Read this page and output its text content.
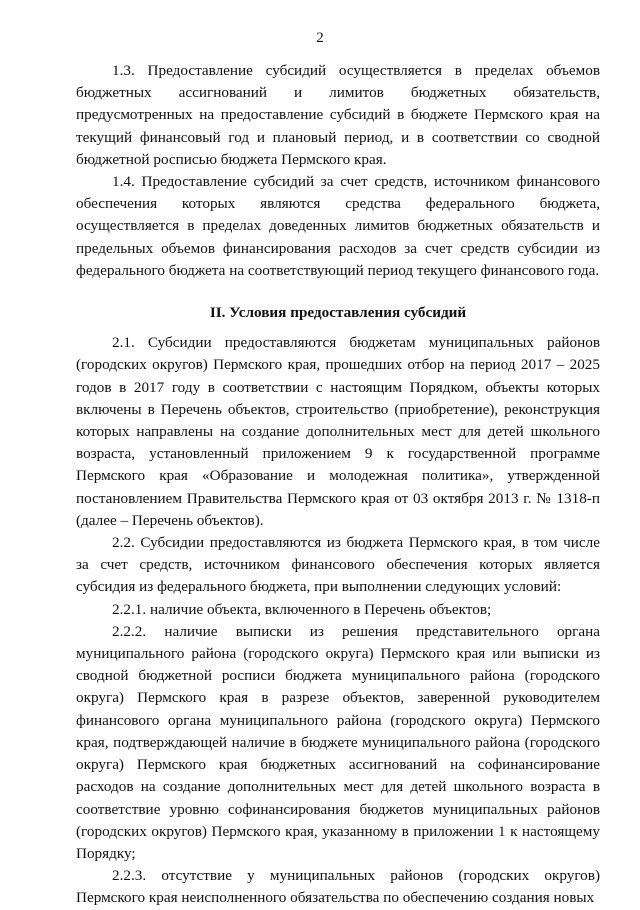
2

1.3. Предоставление субсидий осуществляется в пределах объемов бюджетных ассигнований и лимитов бюджетных обязательств, предусмотренных на предоставление субсидий в бюджете Пермского края на текущий финансовый год и плановый период, и в соответствии со сводной бюджетной росписью бюджета Пермского края.

1.4. Предоставление субсидий за счет средств, источником финансового обеспечения которых являются средства федерального бюджета, осуществляется в пределах доведенных лимитов бюджетных обязательств и предельных объемов финансирования расходов за счет средств субсидии из федерального бюджета на соответствующий период текущего финансового года.

II. Условия предоставления субсидий

2.1. Субсидии предоставляются бюджетам муниципальных районов (городских округов) Пермского края, прошедших отбор на период 2017 – 2025 годов в 2017 году в соответствии с настоящим Порядком, объекты которых включены в Перечень объектов, строительство (приобретение), реконструкция которых направлены на создание дополнительных мест для детей школьного возраста, установленный приложением 9 к государственной программе Пермского края «Образование и молодежная политика», утвержденной постановлением Правительства Пермского края от 03 октября 2013 г. № 1318-п (далее – Перечень объектов).

2.2. Субсидии предоставляются из бюджета Пермского края, в том числе за счет средств, источником финансового обеспечения которых является субсидия из федерального бюджета, при выполнении следующих условий:

2.2.1. наличие объекта, включенного в Перечень объектов;

2.2.2. наличие выписки из решения представительного органа муниципального района (городского округа) Пермского края или выписки из сводной бюджетной росписи бюджета муниципального района (городского округа) Пермского края в разрезе объектов, заверенной руководителем финансового органа муниципального района (городского округа) Пермского края, подтверждающей наличие в бюджете муниципального района (городского округа) Пермского края бюджетных ассигнований на софинансирование расходов на создание дополнительных мест для детей школьного возраста в соответствие уровню софинансирования бюджетов муниципальных районов (городских округов) Пермского края, указанному в приложении 1 к настоящему Порядку;

2.2.3. отсутствие у муниципальных районов (городских округов) Пермского края неисполненного обязательства по обеспечению создания новых
